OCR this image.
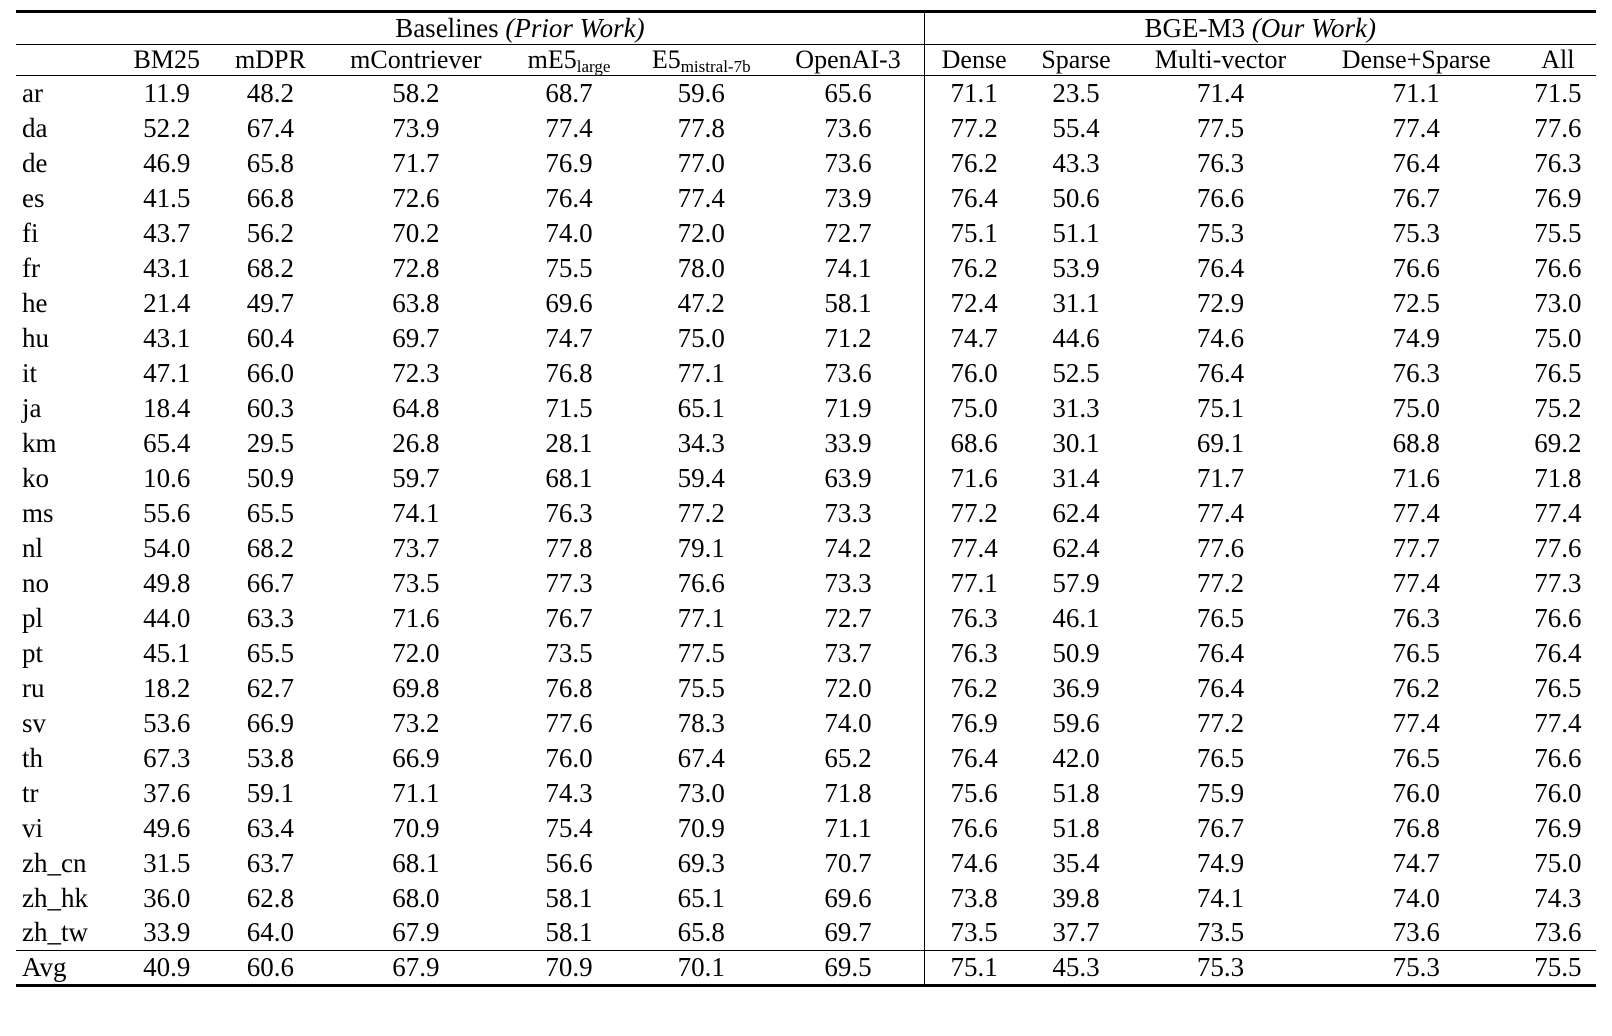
	Baselines (Prior Work)						BGE-M3 (Our Work)				
	BM25	mDPR	mContriever	$mE5_{large}$	$E5_{mistral-7b}$	OpenAI-3	Dense	Sparse	Multi-vector	Dense+Sparse	All
ar	11.9	48.2	58.2	68.7	59.6	65.6	71.1	23.5	71.4	71.1	71.5
da	52.2	67.4	73.9	77.4	77.8	73.6	77.2	55.4	77.5	77.4	77.6
de	46.9	65.8	71.7	76.9	77.0	73.6	76.2	43.3	76.3	76.4	76.3
es	41.5	66.8	72.6	76.4	77.4	73.9	76.4	50.6	76.6	76.7	76.9
fi	43.7	56.2	70.2	74.0	72.0	72.7	75.1	51.1	75.3	75.3	75.5
fr	43.1	68.2	72.8	75.5	78.0	74.1	76.2	53.9	76.4	76.6	76.6
he	21.4	49.7	63.8	69.6	47.2	58.1	72.4	31.1	72.9	72.5	73.0
hu	43.1	60.4	69.7	74.7	75.0	71.2	74.7	44.6	74.6	74.9	75.0
it	47.1	66.0	72.3	76.8	77.1	73.6	76.0	52.5	76.4	76.3	76.5
ja	18.4	60.3	64.8	71.5	65.1	71.9	75.0	31.3	75.1	75.0	75.2
km	65.4	29.5	26.8	28.1	34.3	33.9	68.6	30.1	69.1	68.8	69.2
ko	10.6	50.9	59.7	68.1	59.4	63.9	71.6	31.4	71.7	71.6	71.8
ms	55.6	65.5	74.1	76.3	77.2	73.3	77.2	62.4	77.4	77.4	77.4
nl	54.0	68.2	73.7	77.8	79.1	74.2	77.4	62.4	77.6	77.7	77.6
no	49.8	66.7	73.5	77.3	76.6	73.3	77.1	57.9	77.2	77.4	77.3
pl	44.0	63.3	71.6	76.7	77.1	72.7	76.3	46.1	76.5	76.3	76.6
pt	45.1	65.5	72.0	73.5	77.5	73.7	76.3	50.9	76.4	76.5	76.4
ru	18.2	62.7	69.8	76.8	75.5	72.0	76.2	36.9	76.4	76.2	76.5
sv	53.6	66.9	73.2	77.6	78.3	74.0	76.9	59.6	77.2	77.4	77.4
th	67.3	53.8	66.9	76.0	67.4	65.2	76.4	42.0	76.5	76.5	76.6
tr	37.6	59.1	71.1	74.3	73.0	71.8	75.6	51.8	75.9	76.0	76.0
vi	49.6	63.4	70.9	75.4	70.9	71.1	76.6	51.8	76.7	76.8	76.9
zh_cn	31.5	63.7	68.1	56.6	69.3	70.7	74.6	35.4	74.9	74.7	75.0
zh_hk	36.0	62.8	68.0	58.1	65.1	69.6	73.8	39.8	74.1	74.0	74.3
zh_tw	33.9	64.0	67.9	58.1	65.8	69.7	73.5	37.7	73.5	73.6	73.6
Avg	40.9	60.6	67.9	70.9	70.1	69.5	75.1	45.3	75.3	75.3	75.5
